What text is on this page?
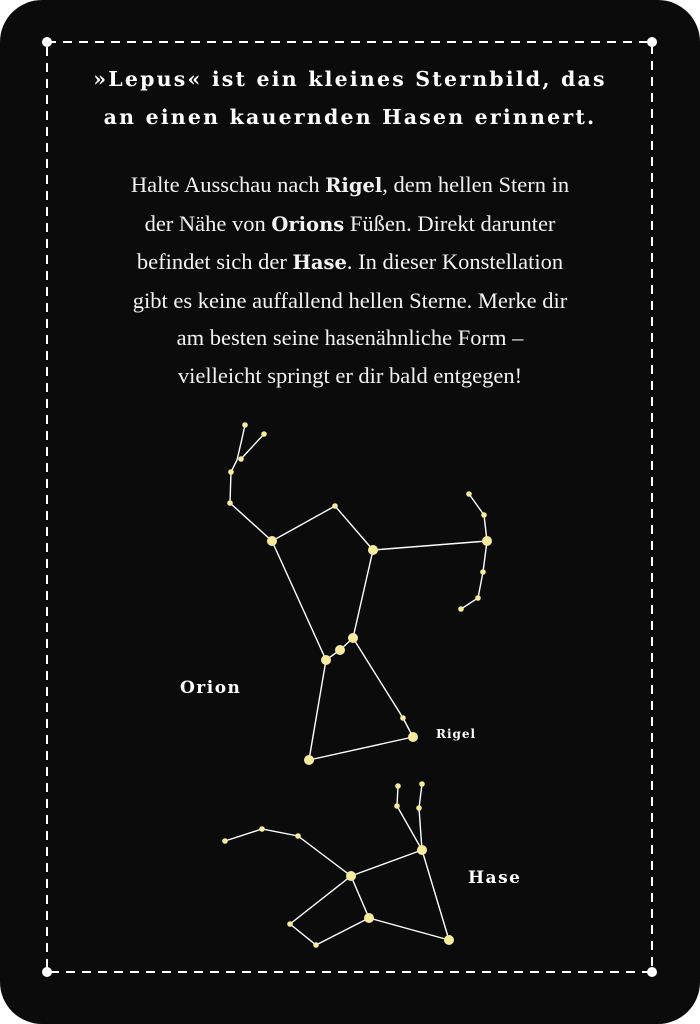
»Lepus« ist ein kleines Sternbild, das
an einen kauernden Hasen erinnert.

Halte Ausschau nach Rigel, dem hellen Stern in
der Nähe von Orions Füßen. Direkt darunter
befindet sich der Hase. In dieser Konstellation
gibt es keine auffallend hellen Sterne. Merke dir
am besten seine hasenähnliche Form –
vielleicht springt er dir bald entgegen!

Orion
Rigel
Hase
